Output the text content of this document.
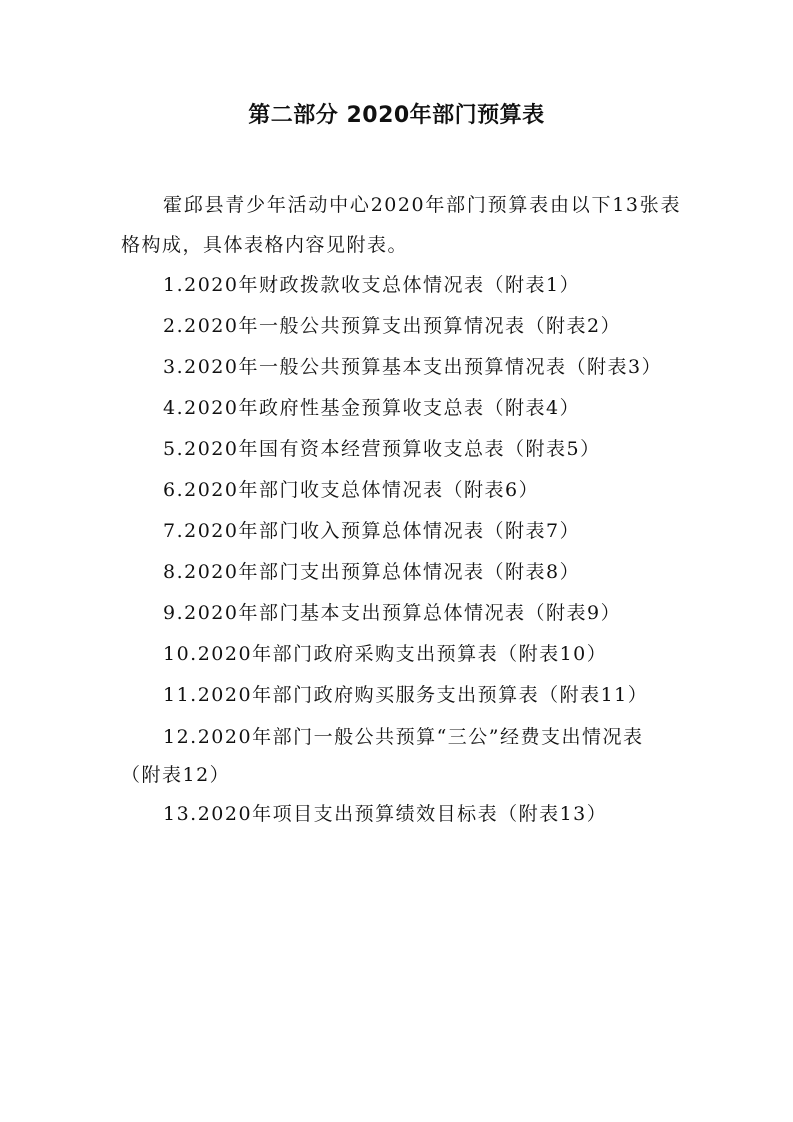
第二部分 2020年部门预算表

霍邱县青少年活动中心2020年部门预算表由以下13张表格构成，具体表格内容见附表。

1.2020年财政拨款收支总体情况表（附表1）
2.2020年一般公共预算支出预算情况表（附表2）
3.2020年一般公共预算基本支出预算情况表（附表3）
4.2020年政府性基金预算收支总表（附表4）
5.2020年国有资本经营预算收支总表（附表5）
6.2020年部门收支总体情况表（附表6）
7.2020年部门收入预算总体情况表（附表7）
8.2020年部门支出预算总体情况表（附表8）
9.2020年部门基本支出预算总体情况表（附表9）
10.2020年部门政府采购支出预算表（附表10）
11.2020年部门政府购买服务支出预算表（附表11）
12.2020年部门一般公共预算“三公”经费支出情况表（附表12）
13.2020年项目支出预算绩效目标表（附表13）
